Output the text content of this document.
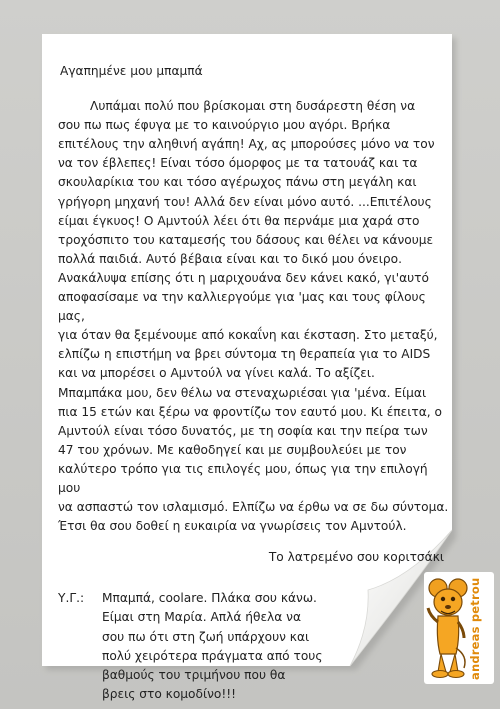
Αγαπημένε μου μπαμπά

Λυπάμαι πολύ που βρίσκομαι στη δυσάρεστη θέση να
σου πω πως έφυγα με το καινούργιο μου αγόρι. Βρήκα
επιτέλους την αληθινή αγάπη! Αχ, ας μπορούσες μόνο να τον
να τον έβλεπες! Είναι τόσο όμορφος με τα τατουάζ και τα
σκουλαρίκια του και τόσο αγέρωχος πάνω στη μεγάλη και
γρήγορη μηχανή του! Αλλά δεν είναι μόνο αυτό. ...Επιτέλους
είμαι έγκυος! Ο Αμντούλ λέει ότι θα περνάμε μια χαρά στο
τροχόσπιτο του καταμεσής του δάσους και θέλει να κάνουμε
πολλά παιδιά. Αυτό βέβαια είναι και το δικό μου όνειρο.
Ανακάλυψα επίσης ότι η μαριχουάνα δεν κάνει κακό, γι'αυτό
αποφασίσαμε να την καλλιεργούμε για 'μας και τους φίλους μας,
για όταν θα ξεμένουμε από κοκαΐνη και έκσταση. Στο μεταξύ,
ελπίζω η επιστήμη να βρει σύντομα τη θεραπεία για το AIDS
και να μπορέσει ο Αμντούλ να γίνει καλά. Το αξίζει.
Μπαμπάκα μου, δεν θέλω να στεναχωριέσαι για 'μένα. Είμαι
πια 15 ετών και ξέρω να φροντίζω τον εαυτό μου. Κι έπειτα, ο
Αμντούλ είναι τόσο δυνατός, με τη σοφία και την πείρα των
47 του χρόνων. Με καθοδηγεί και με συμβουλεύει με τον
καλύτερο τρόπο για τις επιλογές μου, όπως για την επιλογή μου
να ασπαστώ τον ισλαμισμό. Ελπίζω να έρθω να σε δω σύντομα.
Έτσι θα σου δοθεί η ευκαιρία να γνωρίσεις τον Αμντούλ.

Το λατρεμένο σου κοριτσάκι

Υ.Γ.:	Μπαμπά, coolare. Πλάκα σου κάνω.
Είμαι στη Μαρία. Απλά ήθελα να
σου πω ότι στη ζωή υπάρχουν και
πολύ χειρότερα πράγματα από τους
βαθμούς του τριμήνου που θα
βρεις στο κομοδίνο!!!
andreas petrou
